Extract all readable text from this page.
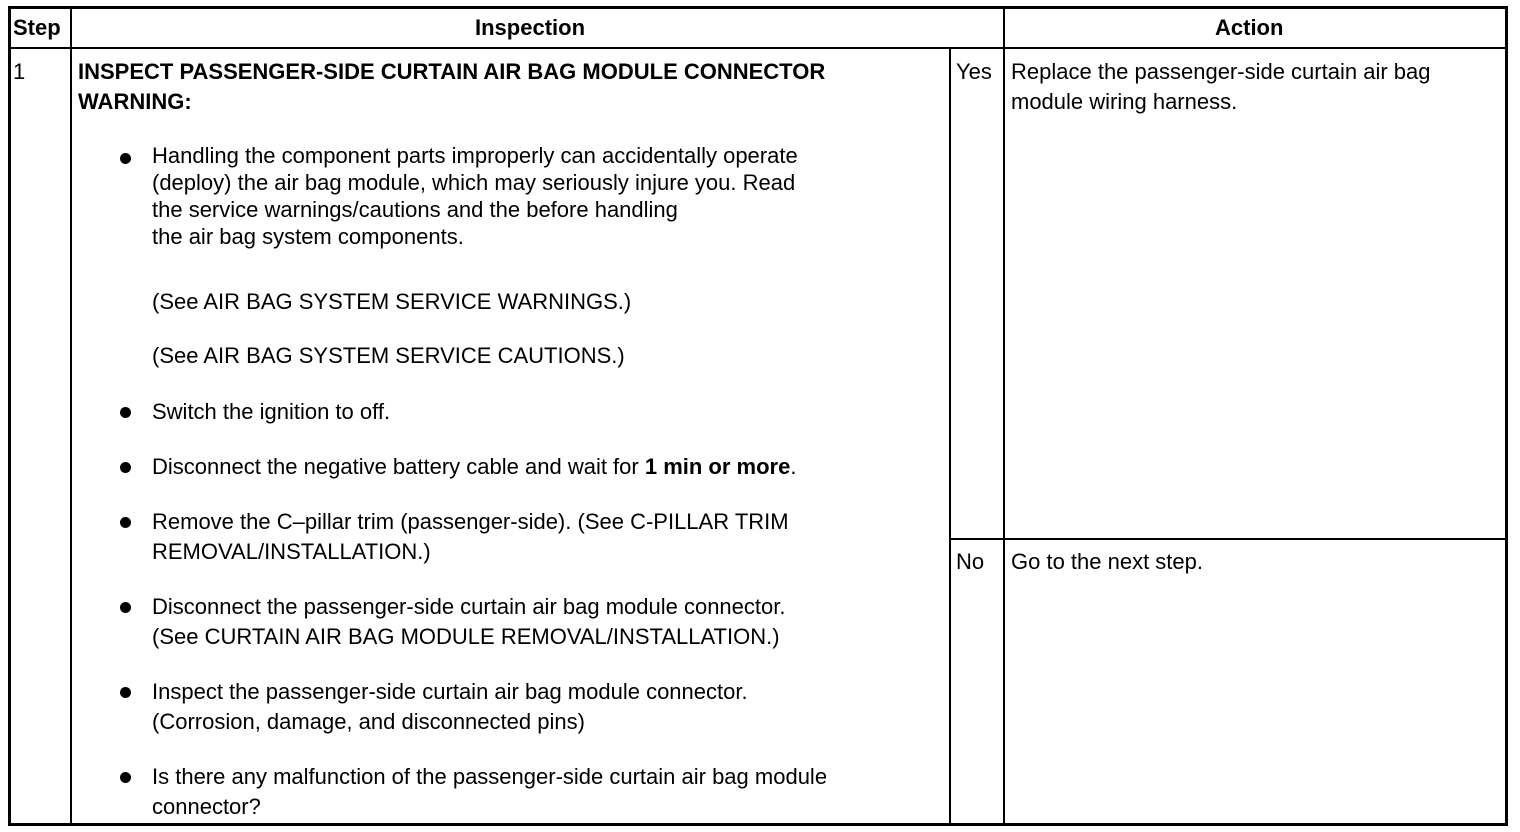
Step	Inspection	Action
1 INSPECT PASSENGER-SIDE CURTAIN AIR BAG MODULE CONNECTOR
WARNING:
Handling the component parts improperly can accidentally operate
(deploy) the air bag module, which may seriously injure you. Read
the service warnings/cautions and the before handling
the air bag system components.
(See AIR BAG SYSTEM SERVICE WARNINGS.)
(See AIR BAG SYSTEM SERVICE CAUTIONS.)
Switch the ignition to off.
Disconnect the negative battery cable and wait for 1 min or more.
Remove the C–pillar trim (passenger-side). (See C-PILLAR TRIM
REMOVAL/INSTALLATION.)
Disconnect the passenger-side curtain air bag module connector.
(See CURTAIN AIR BAG MODULE REMOVAL/INSTALLATION.)
Inspect the passenger-side curtain air bag module connector.
(Corrosion, damage, and disconnected pins)
Is there any malfunction of the passenger-side curtain air bag module
connector?
Yes
No
Replace the passenger-side curtain air bag
module wiring harness.
Go to the next step.
